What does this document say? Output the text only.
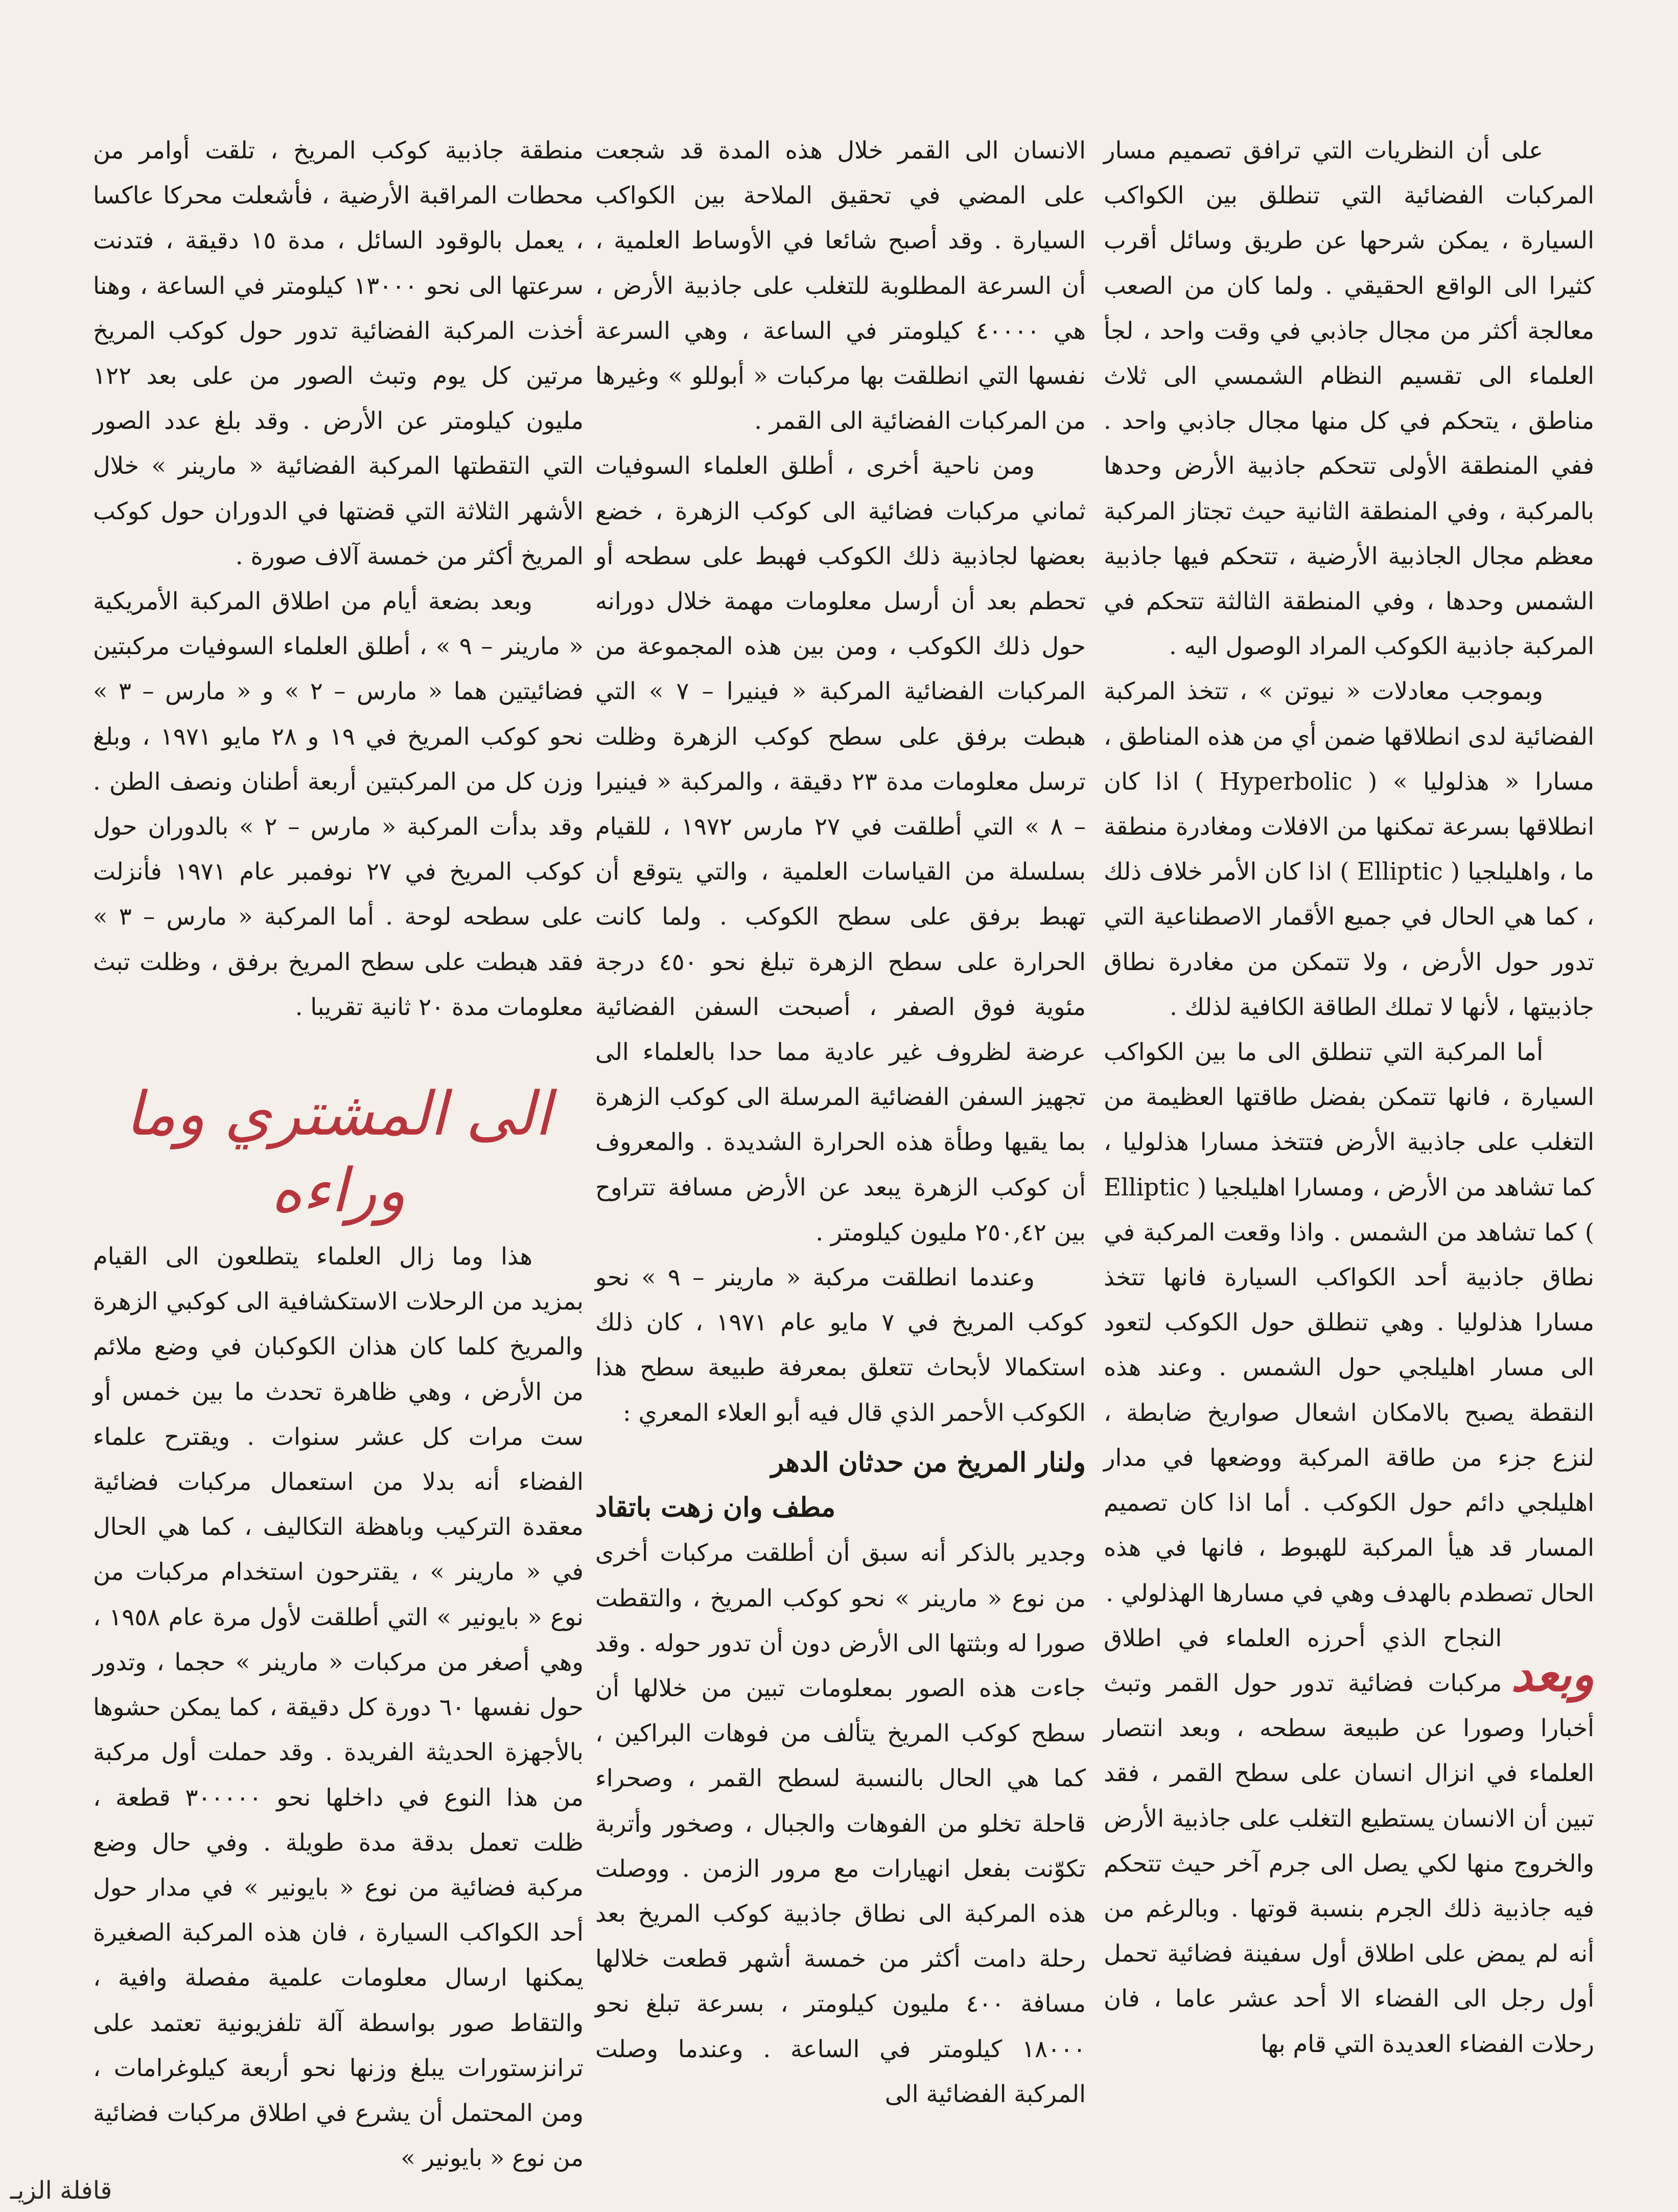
على أن النظريات التي ترافق تصميم مسار المركبات الفضائية التي تنطلق بين الكواكب السيارة ، يمكن شرحها عن طريق وسائل أقرب كثيرا الى الواقع الحقيقي . ولما كان من الصعب معالجة أكثر من مجال جاذبي في وقت واحد ، لجأ العلماء الى تقسيم النظام الشمسي الى ثلاث مناطق ، يتحكم في كل منها مجال جاذبي واحد . ففي المنطقة الأولى تتحكم جاذبية الأرض وحدها بالمركبة ، وفي المنطقة الثانية حيث تجتاز المركبة معظم مجال الجاذبية الأرضية ، تتحكم فيها جاذبية الشمس وحدها ، وفي المنطقة الثالثة تتحكم في المركبة جاذبية الكوكب المراد الوصول اليه .

وبموجب معادلات « نيوتن » ، تتخذ المركبة الفضائية لدى انطلاقها ضمن أي من هذه المناطق ، مسارا « هذلوليا » ( Hyperbolic ) اذا كان انطلاقها بسرعة تمكنها من الافلات ومغادرة منطقة ما ، واهليلجيا ( Elliptic ) اذا كان الأمر خلاف ذلك ، كما هي الحال في جميع الأقمار الاصطناعية التي تدور حول الأرض ، ولا تتمكن من مغادرة نطاق جاذبيتها ، لأنها لا تملك الطاقة الكافية لذلك .

أما المركبة التي تنطلق الى ما بين الكواكب السيارة ، فانها تتمكن بفضل طاقتها العظيمة من التغلب على جاذبية الأرض فتتخذ مسارا هذلوليا ، كما تشاهد من الأرض ، ومسارا اهليلجيا ( Elliptic ) كما تشاهد من الشمس . واذا وقعت المركبة في نطاق جاذبية أحد الكواكب السيارة فانها تتخذ مسارا هذلوليا . وهي تنطلق حول الكوكب لتعود الى مسار اهليلجي حول الشمس . وعند هذه النقطة يصبح بالامكان اشعال صواريخ ضابطة ، لنزع جزء من طاقة المركبة ووضعها في مدار اهليلجي دائم حول الكوكب . أما اذا كان تصميم المسار قد هيأ المركبة للهبوط ، فانها في هذه الحال تصطدم بالهدف وهي في مسارها الهذلولي .

وبعد
النجاح الذي أحرزه العلماء في اطلاق مركبات فضائية تدور حول القمر وتبث أخبارا وصورا عن طبيعة سطحه ، وبعد انتصار العلماء في انزال انسان على سطح القمر ، فقد تبين أن الانسان يستطيع التغلب على جاذبية الأرض والخروج منها لكي يصل الى جرم آخر حيث تتحكم فيه جاذبية ذلك الجرم بنسبة قوتها . وبالرغم من أنه لم يمض على اطلاق أول سفينة فضائية تحمل أول رجل الى الفضاء الا أحد عشر عاما ، فان رحلات الفضاء العديدة التي قام بها

الانسان الى القمر خلال هذه المدة قد شجعت على المضي في تحقيق الملاحة بين الكواكب السيارة . وقد أصبح شائعا في الأوساط العلمية ، أن السرعة المطلوبة للتغلب على جاذبية الأرض ، هي ٤٠٠٠٠ كيلومتر في الساعة ، وهي السرعة نفسها التي انطلقت بها مركبات « أبوللو » وغيرها من المركبات الفضائية الى القمر .

ومن ناحية أخرى ، أطلق العلماء السوفيات ثماني مركبات فضائية الى كوكب الزهرة ، خضع بعضها لجاذبية ذلك الكوكب فهبط على سطحه أو تحطم بعد أن أرسل معلومات مهمة خلال دورانه حول ذلك الكوكب ، ومن بين هذه المجموعة من المركبات الفضائية المركبة « فينيرا – ٧ » التي هبطت برفق على سطح كوكب الزهرة وظلت ترسل معلومات مدة ٢٣ دقيقة ، والمركبة « فينيرا – ٨ » التي أطلقت في ٢٧ مارس ١٩٧٢ ، للقيام بسلسلة من القياسات العلمية ، والتي يتوقع أن تهبط برفق على سطح الكوكب . ولما كانت الحرارة على سطح الزهرة تبلغ نحو ٤٥٠ درجة مئوية فوق الصفر ، أصبحت السفن الفضائية عرضة لظروف غير عادية مما حدا بالعلماء الى تجهيز السفن الفضائية المرسلة الى كوكب الزهرة بما يقيها وطأة هذه الحرارة الشديدة . والمعروف أن كوكب الزهرة يبعد عن الأرض مسافة تتراوح بين ٢٥٠,٤٢ مليون كيلومتر .

وعندما انطلقت مركبة « مارينر – ٩ » نحو كوكب المريخ في ٧ مايو عام ١٩٧١ ، كان ذلك استكمالا لأبحاث تتعلق بمعرفة طبيعة سطح هذا الكوكب الأحمر الذي قال فيه أبو العلاء المعري :

ولنار المريخ من حدثان الدهر
مطف وان زهت باتقاد

وجدير بالذكر أنه سبق أن أطلقت مركبات أخرى من نوع « مارينر » نحو كوكب المريخ ، والتقطت صورا له وبثتها الى الأرض دون أن تدور حوله . وقد جاءت هذه الصور بمعلومات تبين من خلالها أن سطح كوكب المريخ يتألف من فوهات البراكين ، كما هي الحال بالنسبة لسطح القمر ، وصحراء قاحلة تخلو من الفوهات والجبال ، وصخور وأتربة تكوّنت بفعل انهيارات مع مرور الزمن . ووصلت هذه المركبة الى نطاق جاذبية كوكب المريخ بعد رحلة دامت أكثر من خمسة أشهر قطعت خلالها مسافة ٤٠٠ مليون كيلومتر ، بسرعة تبلغ نحو ١٨٠٠٠ كيلومتر في الساعة . وعندما وصلت المركبة الفضائية الى

منطقة جاذبية كوكب المريخ ، تلقت أوامر من محطات المراقبة الأرضية ، فأشعلت محركا عاكسا ، يعمل بالوقود السائل ، مدة ١٥ دقيقة ، فتدنت سرعتها الى نحو ١٣٠٠٠ كيلومتر في الساعة ، وهنا أخذت المركبة الفضائية تدور حول كوكب المريخ مرتين كل يوم وتبث الصور من على بعد ١٢٢ مليون كيلومتر عن الأرض . وقد بلغ عدد الصور التي التقطتها المركبة الفضائية « مارينر » خلال الأشهر الثلاثة التي قضتها في الدوران حول كوكب المريخ أكثر من خمسة آلاف صورة .

وبعد بضعة أيام من اطلاق المركبة الأمريكية « مارينر – ٩ » ، أطلق العلماء السوفيات مركبتين فضائيتين هما « مارس – ٢ » و « مارس – ٣ » نحو كوكب المريخ في ١٩ و ٢٨ مايو ١٩٧١ ، وبلغ وزن كل من المركبتين أربعة أطنان ونصف الطن . وقد بدأت المركبة « مارس – ٢ » بالدوران حول كوكب المريخ في ٢٧ نوفمبر عام ١٩٧١ فأنزلت على سطحه لوحة . أما المركبة « مارس – ٣ » فقد هبطت على سطح المريخ برفق ، وظلت تبث معلومات مدة ٢٠ ثانية تقريبا .

الى المشتري وما وراءه

هذا وما زال العلماء يتطلعون الى القيام بمزيد من الرحلات الاستكشافية الى كوكبي الزهرة والمريخ كلما كان هذان الكوكبان في وضع ملائم من الأرض ، وهي ظاهرة تحدث ما بين خمس أو ست مرات كل عشر سنوات . ويقترح علماء الفضاء أنه بدلا من استعمال مركبات فضائية معقدة التركيب وباهظة التكاليف ، كما هي الحال في « مارينر » ، يقترحون استخدام مركبات من نوع « بايونير » التي أطلقت لأول مرة عام ١٩٥٨ ، وهي أصغر من مركبات « مارينر » حجما ، وتدور حول نفسها ٦٠ دورة كل دقيقة ، كما يمكن حشوها بالأجهزة الحديثة الفريدة . وقد حملت أول مركبة من هذا النوع في داخلها نحو ٣٠٠٠٠٠ قطعة ، ظلت تعمل بدقة مدة طويلة . وفي حال وضع مركبة فضائية من نوع « بايونير » في مدار حول أحد الكواكب السيارة ، فان هذه المركبة الصغيرة يمكنها ارسال معلومات علمية مفصلة وافية ، والتقاط صور بواسطة آلة تلفزيونية تعتمد على ترانزستورات يبلغ وزنها نحو أربعة كيلوغرامات ، ومن المحتمل أن يشرع في اطلاق مركبات فضائية من نوع « بايونير »

قافلة الزيـ
